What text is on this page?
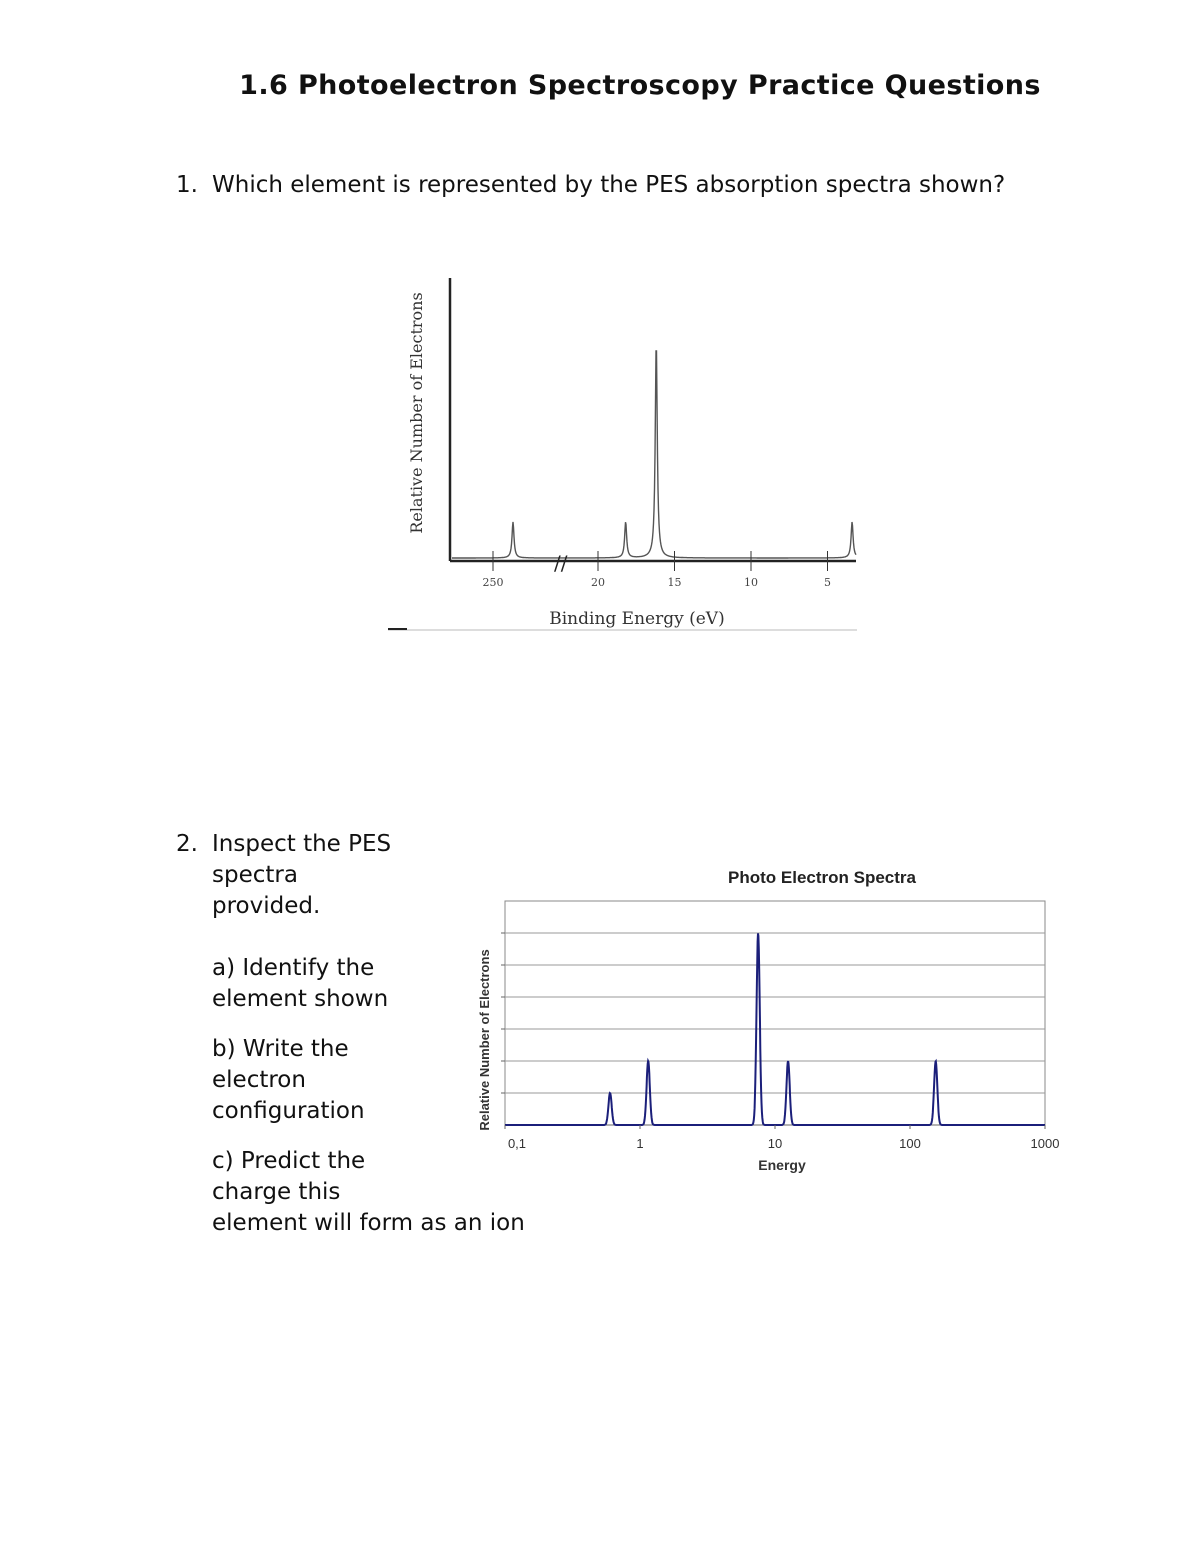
1.6 Photoelectron Spectroscopy Practice Questions
1. Which element is represented by the PES absorption spectra shown?
250	20	15	10	5
//
Binding Energy (eV)
Relative Number of Electrons
2. Inspect the PES
spectra
provided.
a) Identify the
element shown
b) Write the
electron
configuration
c) Predict the
charge this
element will form as an ion
Photo Electron Spectra
0,1	1	10	100	1000
Energy
Relative Number of Electrons
